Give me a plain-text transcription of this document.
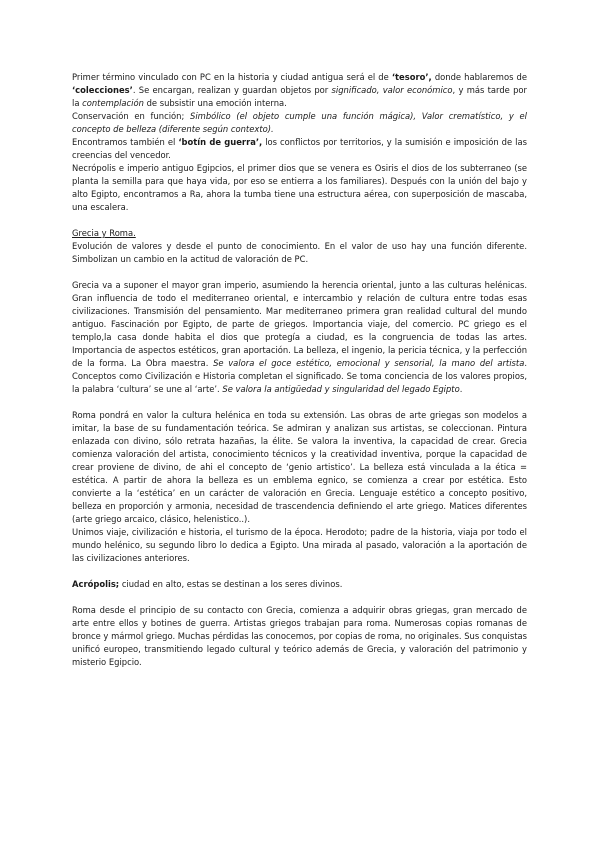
Primer término vinculado con PC en la historia y ciudad antigua será el de ‘tesoro’, donde hablaremos de ‘colecciones’. Se encargan, realizan y guardan objetos por significado, valor económico, y más tarde por la contemplación de subsistir una emoción interna.

Conservación en función; Simbólico (el objeto cumple una función mágica), Valor crematístico, y el concepto de belleza (diferente según contexto).

Encontramos también el ‘botín de guerra’, los conflictos por territorios, y la sumisión e imposición de las creencias del vencedor.

Necrópolis e imperio antiguo Egipcios, el primer dios que se venera es Osiris el dios de los subterraneo (se planta la semilla para que haya vida, por eso se entierra a los familiares). Después con la unión del bajo y alto Egipto, encontramos a Ra, ahora la tumba tiene una estructura aérea, con superposición de mascaba, una escalera.

Grecia y Roma.

Evolución de valores y desde el punto de conocimiento. En el valor de uso hay una función diferente. Simbolizan un cambio en la actitud de valoración de PC.

Grecia va a suponer el mayor gran imperio, asumiendo la herencia oriental, junto a las culturas helénicas. Gran influencia de todo el mediterraneo oriental, e intercambio y relación de cultura entre todas esas civilizaciones. Transmisión del pensamiento. Mar mediterraneo primera gran realidad cultural del mundo antiguo. Fascinación por Egipto, de parte de griegos. Importancia viaje, del comercio. PC griego es el templo,la casa donde habita el dios que protegía a ciudad, es la congruencia de todas las artes. Importancia de aspectos estéticos, gran aportación. La belleza, el ingenio, la pericia técnica, y la perfección de la forma. La Obra maestra. Se valora el goce estético, emocional y sensorial, la mano del artista. Conceptos como Civilización e Historia completan el significado. Se toma conciencia de los valores propios, la palabra ‘cultura’ se une al ‘arte’. Se valora la antigüedad y singularidad del legado Egipto.

Roma pondrá en valor la cultura helénica en toda su extensión. Las obras de arte griegas son modelos a imitar, la base de su fundamentación teórica. Se admiran y analizan sus artistas, se coleccionan. Pintura enlazada con divino, sólo retrata hazañas, la élite. Se valora la inventiva, la capacidad de crear. Grecia comienza valoración del artista, conocimiento técnicos y la creatividad inventiva, porque la capacidad de crear proviene de divino, de ahi el concepto de ‘genio artistico’. La belleza está vinculada a la ética = estética. A partir de ahora la belleza es un emblema egnico, se comienza a crear por estética. Esto convierte a la ‘estética’ en un carácter de valoración en Grecia. Lenguaje estético a concepto positivo, belleza en proporción y armonia, necesidad de trascendencia definiendo el arte griego. Matices diferentes (arte griego arcaico, clásico, helenistico..).

Unimos viaje, civilización e historia, el turismo de la época. Herodoto; padre de la historia, viaja por todo el mundo helénico, su segundo libro lo dedica a Egipto. Una mirada al pasado, valoración a la aportación de las civilizaciones anteriores.

Acrópolis; ciudad en alto, estas se destinan a los seres divinos.

Roma desde el principio de su contacto con Grecia, comienza a adquirir obras griegas, gran mercado de arte entre ellos y botines de guerra. Artistas griegos trabajan para roma. Numerosas copias romanas de bronce y mármol griego. Muchas pérdidas las conocemos, por copias de roma, no originales. Sus conquistas unificó europeo, transmitiendo legado cultural y teórico además de Grecia, y valoración del patrimonio y misterio Egipcio.
